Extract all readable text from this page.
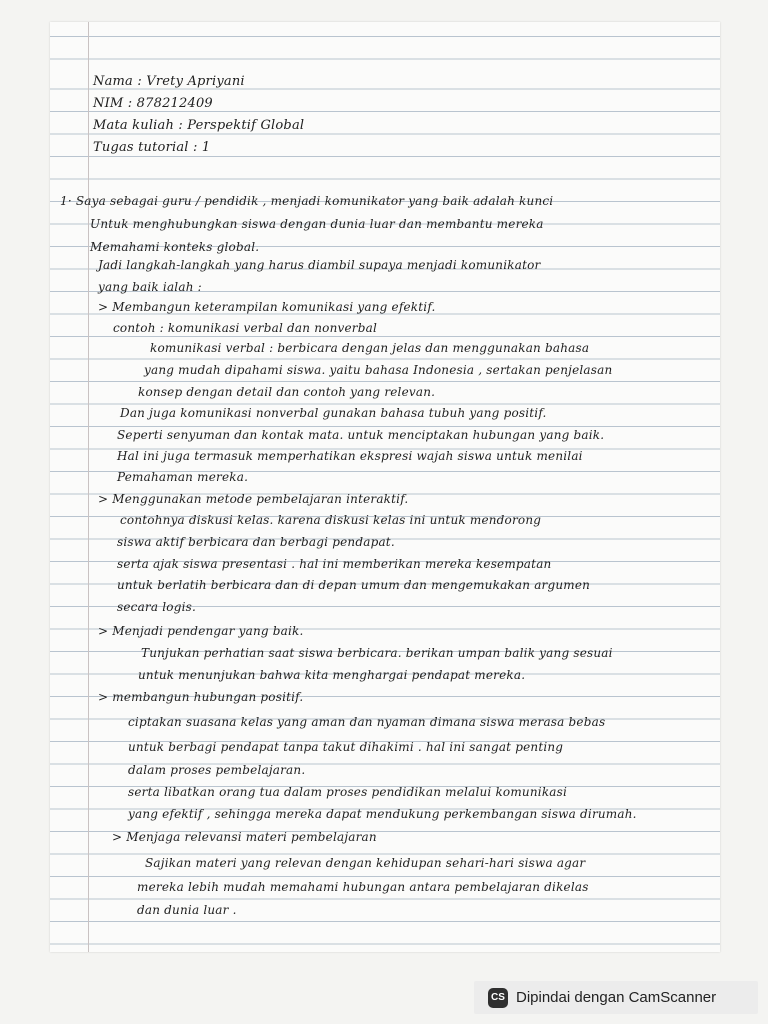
Nama : Vrety Apriyani
NIM : 878212409
Mata kuliah : Perspektif Global
Tugas tutorial : 1
1· Saya sebagai guru / pendidik , menjadi komunikator yang baik adalah kunci
Untuk menghubungkan siswa dengan dunia luar dan membantu mereka
Memahami konteks global.
Jadi langkah-langkah yang harus diambil supaya menjadi komunikator
yang baik ialah :
> Membangun keterampilan komunikasi yang efektif.
contoh : komunikasi verbal dan nonverbal
komunikasi verbal : berbicara dengan jelas dan menggunakan bahasa
yang mudah dipahami siswa. yaitu bahasa Indonesia , sertakan penjelasan
konsep dengan detail dan contoh yang relevan.
Dan juga komunikasi nonverbal gunakan bahasa tubuh yang positif.
Seperti senyuman dan kontak mata. untuk menciptakan hubungan yang baik.
Hal ini juga termasuk memperhatikan ekspresi wajah siswa untuk menilai
Pemahaman mereka.
> Menggunakan metode pembelajaran interaktif.
contohnya diskusi kelas. karena diskusi kelas ini untuk mendorong
siswa aktif berbicara dan berbagi pendapat.
serta ajak siswa presentasi . hal ini memberikan mereka kesempatan
untuk berlatih berbicara dan di depan umum dan mengemukakan argumen
secara logis.
> Menjadi pendengar yang baik.
Tunjukan perhatian saat siswa berbicara. berikan umpan balik yang sesuai
untuk menunjukan bahwa kita menghargai pendapat mereka.
> membangun hubungan positif.
ciptakan suasana kelas yang aman dan nyaman dimana siswa merasa bebas
untuk berbagi pendapat tanpa takut dihakimi . hal ini sangat penting
dalam proses pembelajaran.
serta libatkan orang tua dalam proses pendidikan melalui komunikasi
yang efektif , sehingga mereka dapat mendukung perkembangan siswa dirumah.
> Menjaga relevansi materi pembelajaran
Sajikan materi yang relevan dengan kehidupan sehari-hari siswa agar
mereka lebih mudah memahami hubungan antara pembelajaran dikelas
dan dunia luar .
CS Dipindai dengan CamScanner
